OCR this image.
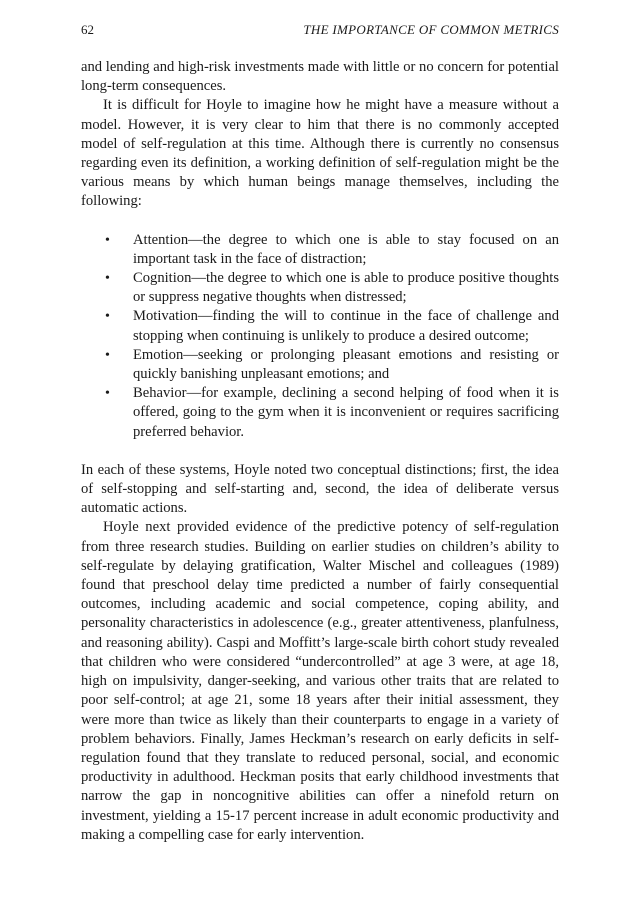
62	THE IMPORTANCE OF COMMON METRICS

and lending and high-risk investments made with little or no concern for potential long-term consequences.

It is difficult for Hoyle to imagine how he might have a measure without a model. However, it is very clear to him that there is no commonly accepted model of self-regulation at this time. Although there is currently no consensus regarding even its definition, a working definition of self-regulation might be the various means by which human beings manage themselves, including the following:

• Attention—the degree to which one is able to stay focused on an important task in the face of distraction;
• Cognition—the degree to which one is able to produce positive thoughts or suppress negative thoughts when distressed;
• Motivation—finding the will to continue in the face of challenge and stopping when continuing is unlikely to produce a desired outcome;
• Emotion—seeking or prolonging pleasant emotions and resisting or quickly banishing unpleasant emotions; and
• Behavior—for example, declining a second helping of food when it is offered, going to the gym when it is inconvenient or requires sacrificing preferred behavior.

In each of these systems, Hoyle noted two conceptual distinctions; first, the idea of self-stopping and self-starting and, second, the idea of deliberate versus automatic actions.

Hoyle next provided evidence of the predictive potency of self-regulation from three research studies. Building on earlier studies on children’s ability to self-regulate by delaying gratification, Walter Mischel and colleagues (1989) found that preschool delay time predicted a number of fairly consequential outcomes, including academic and social competence, coping ability, and personality characteristics in adolescence (e.g., greater attentiveness, planfulness, and reasoning ability). Caspi and Moffitt’s large-scale birth cohort study revealed that children who were considered “undercontrolled” at age 3 were, at age 18, high on impulsivity, danger-seeking, and various other traits that are related to poor self-control; at age 21, some 18 years after their initial assessment, they were more than twice as likely than their counterparts to engage in a variety of problem behaviors. Finally, James Heckman’s research on early deficits in self-regulation found that they translate to reduced personal, social, and economic productivity in adulthood. Heckman posits that early childhood investments that narrow the gap in noncognitive abilities can offer a ninefold return on investment, yielding a 15-17 percent increase in adult economic productivity and making a compelling case for early intervention.
